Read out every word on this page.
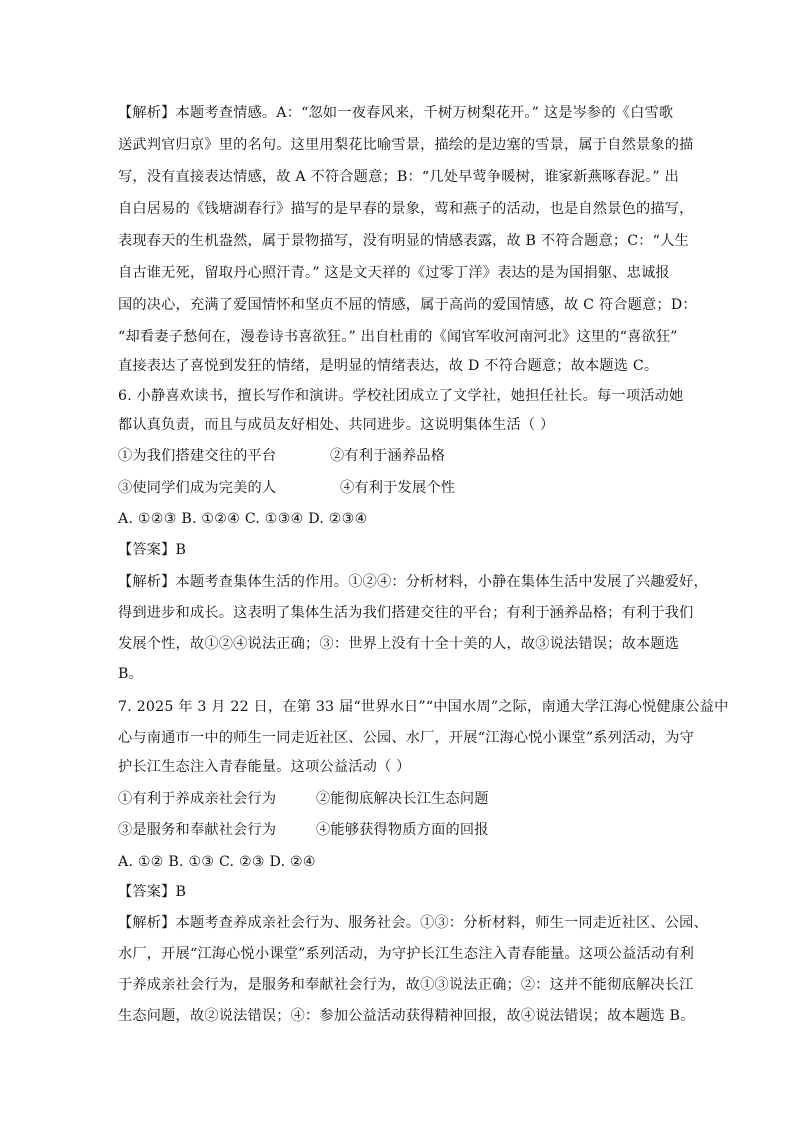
【解析】本题考查情感。A：“忽如一夜春风来，千树万树梨花开。” 这是岑参的《白雪歌
送武判官归京》里的名句。这里用梨花比喻雪景，描绘的是边塞的雪景，属于自然景象的描
写，没有直接表达情感，故 A 不符合题意；B：“几处早莺争暖树，谁家新燕啄春泥。” 出
自白居易的《钱塘湖春行》描写的是早春的景象，莺和燕子的活动，也是自然景色的描写，
表现春天的生机盎然，属于景物描写，没有明显的情感表露，故 B 不符合题意；C：“人生
自古谁无死，留取丹心照汗青。” 这是文天祥的《过零丁洋》表达的是为国捐躯、忠诚报
国的决心，充满了爱国情怀和坚贞不屈的情感，属于高尚的爱国情感，故 C 符合题意；D：
“却看妻子愁何在，漫卷诗书喜欲狂。” 出自杜甫的《闻官军收河南河北》这里的“喜欲狂”
直接表达了喜悦到发狂的情绪，是明显的情绪表达，故 D 不符合题意；故本题选 C。
6. 小静喜欢读书，擅长写作和演讲。学校社团成立了文学社，她担任社长。每一项活动她
都认真负责，而且与成员友好相处、共同进步。这说明集体生活（ ）
①为我们搭建交往的平台	②有利于涵养品格
③使同学们成为完美的人	④有利于发展个性
A. ①②③ B. ①②④ C. ①③④ D. ②③④
【答案】B
【解析】本题考查集体生活的作用。①②④：分析材料，小静在集体生活中发展了兴趣爱好，
得到进步和成长。这表明了集体生活为我们搭建交往的平台；有利于涵养品格；有利于我们
发展个性，故①②④说法正确；③：世界上没有十全十美的人，故③说法错误；故本题选
B。
7. 2025 年 3 月 22 日，在第 33 届“世界水日”“中国水周”之际，南通大学江海心悦健康公益中
心与南通市一中的师生一同走近社区、公园、水厂，开展“江海心悦小课堂”系列活动，为守
护长江生态注入青春能量。这项公益活动（ ）
①有利于养成亲社会行为	②能彻底解决长江生态问题
③是服务和奉献社会行为	④能够获得物质方面的回报
A. ①② B. ①③ C. ②③ D. ②④
【答案】B
【解析】本题考查养成亲社会行为、服务社会。①③：分析材料，师生一同走近社区、公园、
水厂，开展“江海心悦小课堂”系列活动，为守护长江生态注入青春能量。这项公益活动有利
于养成亲社会行为，是服务和奉献社会行为，故①③说法正确；②：这并不能彻底解决长江
生态问题，故②说法错误；④：参加公益活动获得精神回报，故④说法错误；故本题选 B。
